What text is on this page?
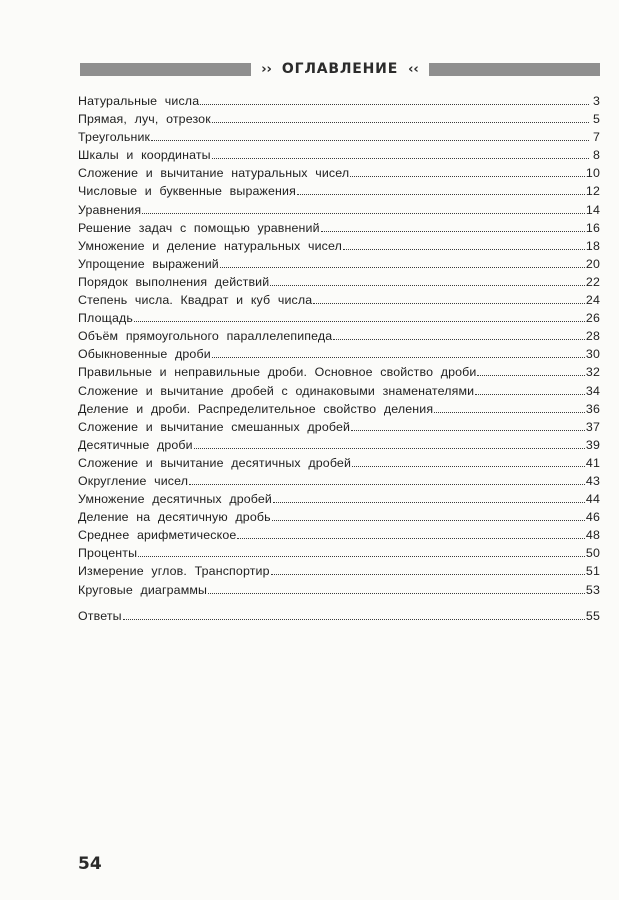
›› ОГЛАВЛЕНИЕ ‹‹
Натуральные числа	3
Прямая, луч, отрезок	5
Треугольник	7
Шкалы и координаты	8
Сложение и вычитание натуральных чисел	10
Числовые и буквенные выражения	12
Уравнения	14
Решение задач с помощью уравнений	16
Умножение и деление натуральных чисел	18
Упрощение выражений	20
Порядок выполнения действий	22
Степень числа. Квадрат и куб числа	24
Площадь	26
Объём прямоугольного параллелепипеда	28
Обыкновенные дроби	30
Правильные и неправильные дроби. Основное свойство дроби	32
Сложение и вычитание дробей с одинаковыми знаменателями	34
Деление и дроби. Распределительное свойство деления	36
Сложение и вычитание смешанных дробей	37
Десятичные дроби	39
Сложение и вычитание десятичных дробей	41
Округление чисел	43
Умножение десятичных дробей	44
Деление на десятичную дробь	46
Среднее арифметическое	48
Проценты	50
Измерение углов. Транспортир	51
Круговые диаграммы	53
Ответы	55
54
